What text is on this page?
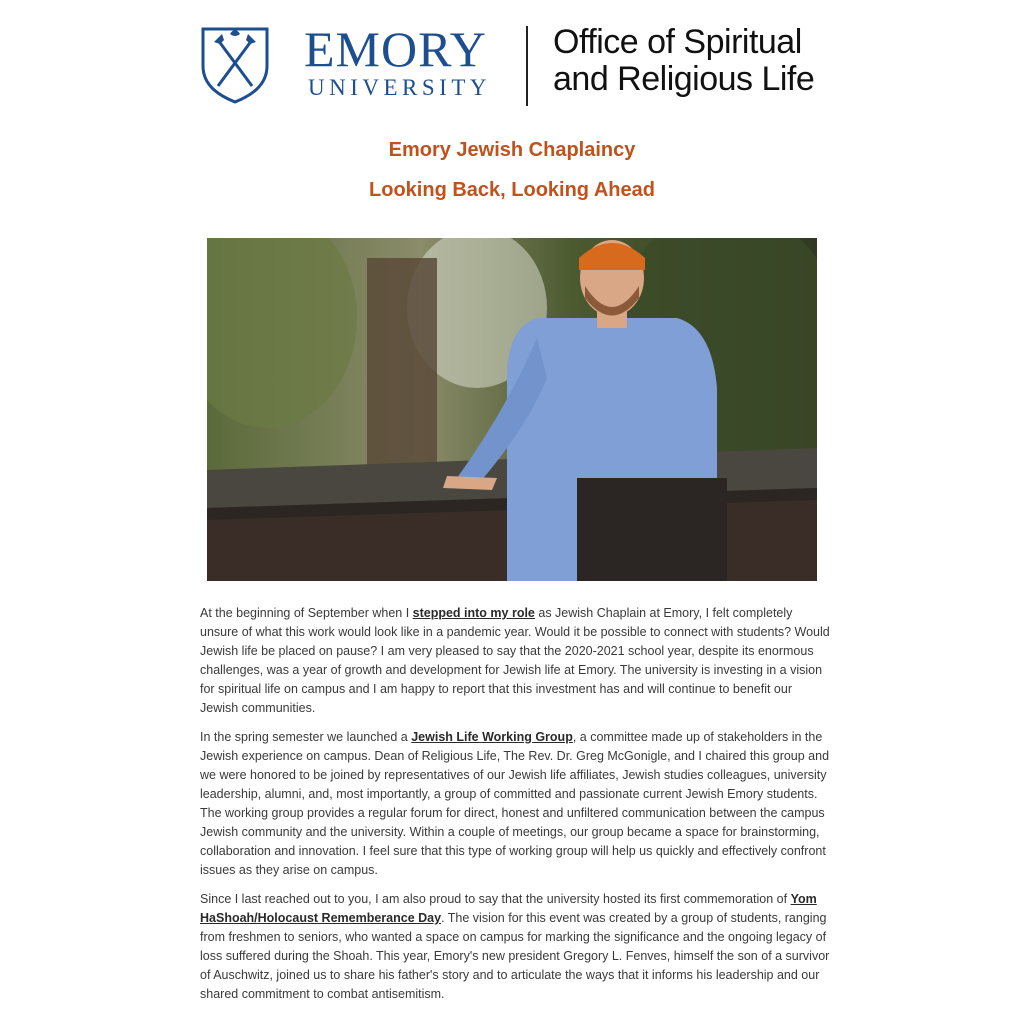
EMORY
UNIVERSITY
Office of Spiritual
and Religious Life
Emory Jewish Chaplaincy
Looking Back, Looking Ahead

At the beginning of September when I stepped into my role as Jewish Chaplain at Emory, I felt completely unsure of what this work would look like in a pandemic year. Would it be possible to connect with students? Would Jewish life be placed on pause? I am very pleased to say that the 2020-2021 school year, despite its enormous challenges, was a year of growth and development for Jewish life at Emory. The university is investing in a vision for spiritual life on campus and I am happy to report that this investment has and will continue to benefit our Jewish communities.

In the spring semester we launched a Jewish Life Working Group, a committee made up of stakeholders in the Jewish experience on campus. Dean of Religious Life, The Rev. Dr. Greg McGonigle, and I chaired this group and we were honored to be joined by representatives of our Jewish life affiliates, Jewish studies colleagues, university leadership, alumni, and, most importantly, a group of committed and passionate current Jewish Emory students. The working group provides a regular forum for direct, honest and unfiltered communication between the campus Jewish community and the university. Within a couple of meetings, our group became a space for brainstorming, collaboration and innovation. I feel sure that this type of working group will help us quickly and effectively confront issues as they arise on campus.

Since I last reached out to you, I am also proud to say that the university hosted its first commemoration of Yom HaShoah/Holocaust Rememberance Day. The vision for this event was created by a group of students, ranging from freshmen to seniors, who wanted a space on campus for marking the significance and the ongoing legacy of loss suffered during the Shoah. This year, Emory's new president Gregory L. Fenves, himself the son of a survivor of Auschwitz, joined us to share his father's story and to articulate the ways that it informs his leadership and our shared commitment to combat antisemitism.
